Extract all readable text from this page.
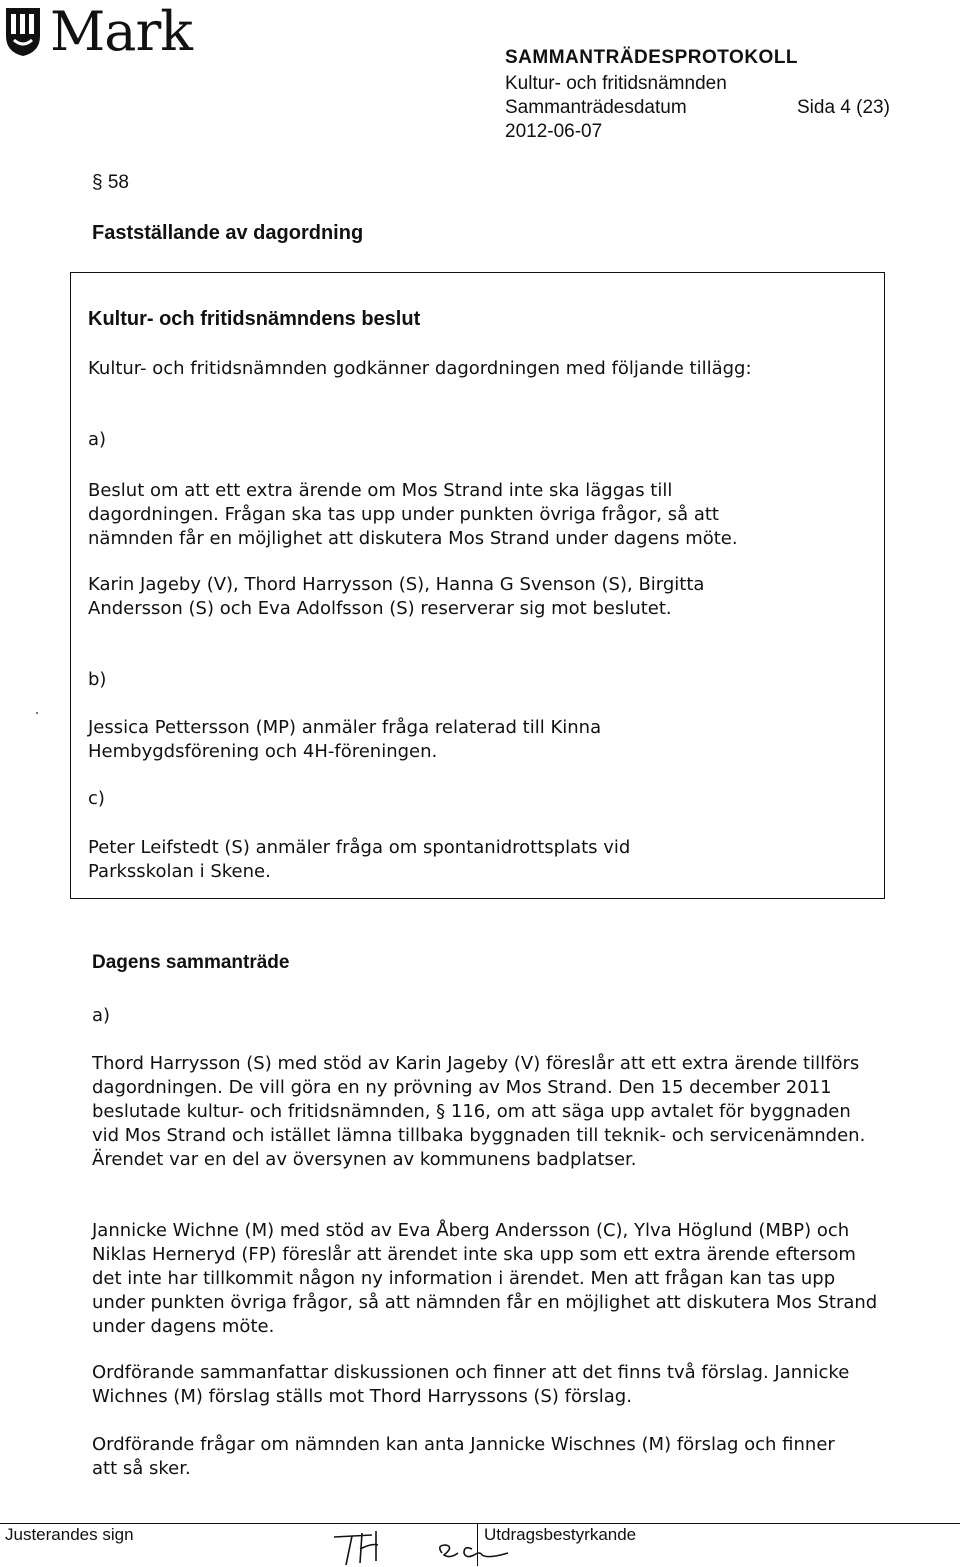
Mark	SAMMANTRÄDESPROTOKOLL
Kultur- och fritidsnämnden
Sammanträdesdatum	Sida 4 (23)
2012-06-07
§ 58
Fastställande av dagordning
Kultur- och fritidsnämndens beslut

Kultur- och fritidsnämnden godkänner dagordningen med följande tillägg:

a)

Beslut om att ett extra ärende om Mos Strand inte ska läggas till dagordningen. Frågan ska tas upp under punkten övriga frågor, så att nämnden får en möjlighet att diskutera Mos Strand under dagens möte.

Karin Jageby (V), Thord Harrysson (S), Hanna G Svenson (S), Birgitta Andersson (S) och Eva Adolfsson (S) reserverar sig mot beslutet.

b)

Jessica Pettersson (MP) anmäler fråga relaterad till Kinna Hembygdsförening och 4H-föreningen.

c)

Peter Leifstedt (S) anmäler fråga om spontanidrottsplats vid Parksskolan i Skene.

Dagens sammanträde

a)

Thord Harrysson (S) med stöd av Karin Jageby (V) föreslår att ett extra ärende tillförs dagordningen. De vill göra en ny prövning av Mos Strand. Den 15 december 2011 beslutade kultur- och fritidsnämnden, § 116, om att säga upp avtalet för byggnaden vid Mos Strand och istället lämna tillbaka byggnaden till teknik- och servicenämnden. Ärendet var en del av översynen av kommunens badplatser.

Jannicke Wichne (M) med stöd av Eva Åberg Andersson (C), Ylva Höglund (MBP) och Niklas Herneryd (FP) föreslår att ärendet inte ska upp som ett extra ärende eftersom det inte har tillkommit någon ny information i ärendet. Men att frågan kan tas upp under punkten övriga frågor, så att nämnden får en möjlighet att diskutera Mos Strand under dagens möte.

Ordförande sammanfattar diskussionen och finner att det finns två förslag. Jannicke Wichnes (M) förslag ställs mot Thord Harryssons (S) förslag.

Ordförande frågar om nämnden kan anta Jannicke Wischnes (M) förslag och finner att så sker.

Justerandes sign	Utdragsbestyrkande
